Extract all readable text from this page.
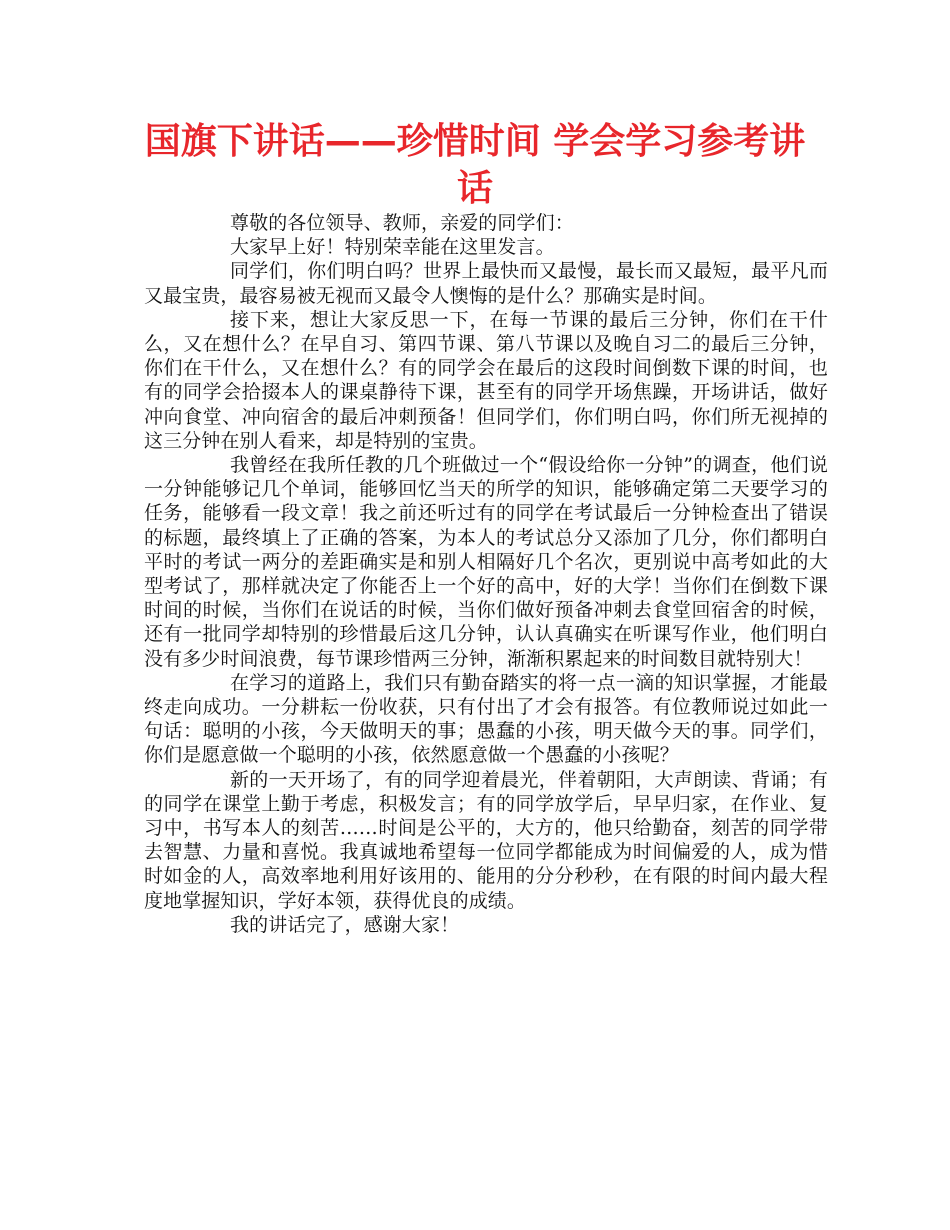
国旗下讲话——珍惜时间 学会学习参考讲话

尊敬的各位领导、教师，亲爱的同学们：

大家早上好！特别荣幸能在这里发言。

同学们，你们明白吗？世界上最快而又最慢，最长而又最短，最平凡而又最宝贵，最容易被无视而又最令人懊悔的是什么？那确实是时间。

接下来，想让大家反思一下，在每一节课的最后三分钟，你们在干什么，又在想什么？在早自习、第四节课、第八节课以及晚自习二的最后三分钟，你们在干什么，又在想什么？有的同学会在最后的这段时间倒数下课的时间，也有的同学会拾掇本人的课桌静待下课，甚至有的同学开场焦躁，开场讲话，做好冲向食堂、冲向宿舍的最后冲刺预备！但同学们，你们明白吗，你们所无视掉的这三分钟在别人看来，却是特别的宝贵。

我曾经在我所任教的几个班做过一个“假设给你一分钟”的调查，他们说一分钟能够记几个单词，能够回忆当天的所学的知识，能够确定第二天要学习的任务，能够看一段文章！我之前还听过有的同学在考试最后一分钟检查出了错误的标题，最终填上了正确的答案，为本人的考试总分又添加了几分，你们都明白平时的考试一两分的差距确实是和别人相隔好几个名次，更别说中高考如此的大型考试了，那样就决定了你能否上一个好的高中，好的大学！当你们在倒数下课时间的时候，当你们在说话的时候，当你们做好预备冲刺去食堂回宿舍的时候，还有一批同学却特别的珍惜最后这几分钟，认认真确实在听课写作业，他们明白没有多少时间浪费，每节课珍惜两三分钟，渐渐积累起来的时间数目就特别大！

在学习的道路上，我们只有勤奋踏实的将一点一滴的知识掌握，才能最终走向成功。一分耕耘一份收获，只有付出了才会有报答。有位教师说过如此一句话：聪明的小孩，今天做明天的事；愚蠢的小孩，明天做今天的事。同学们，你们是愿意做一个聪明的小孩，依然愿意做一个愚蠢的小孩呢？

新的一天开场了，有的同学迎着晨光，伴着朝阳，大声朗读、背诵；有的同学在课堂上勤于考虑，积极发言；有的同学放学后，早早归家，在作业、复习中，书写本人的刻苦……时间是公平的，大方的，他只给勤奋，刻苦的同学带去智慧、力量和喜悦。我真诚地希望每一位同学都能成为时间偏爱的人，成为惜时如金的人，高效率地利用好该用的、能用的分分秒秒，在有限的时间内最大程度地掌握知识，学好本领，获得优良的成绩。

我的讲话完了，感谢大家！
